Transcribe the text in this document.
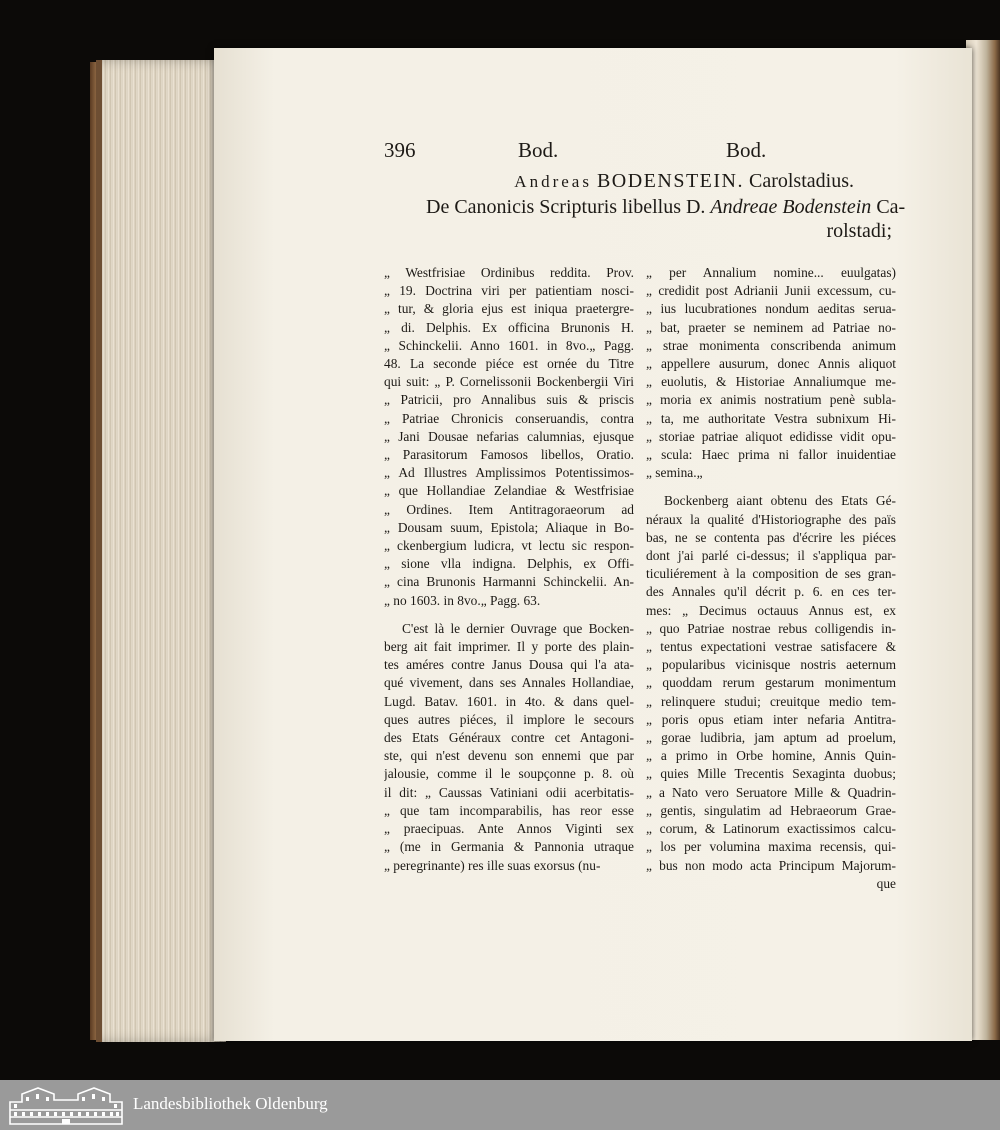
396	Bod.	Bod.
Andreas BODENSTEIN. Carolstadius.
De Canonicis Scripturis libellus D. Andreae Bodenstein Ca-
rolstadi;
„ Westfrisiae Ordinibus reddita. Prov.
„ 19. Doctrina viri per patientiam nosci-
„ tur, & gloria ejus est iniqua praetergre-
„ di. Delphis. Ex officina Brunonis H.
„ Schinckelii. Anno 1601. in 8vo.„ Pagg.
48. La seconde piéce est ornée du Titre
qui suit: „ P. Cornelissonii Bockenbergii Viri
„ Patricii, pro Annalibus suis & priscis
„ Patriae Chronicis conseruandis, contra
„ Jani Dousae nefarias calumnias, ejusque
„ Parasitorum Famosos libellos, Oratio.
„ Ad Illustres Amplissimos Potentissimos-
„ que Hollandiae Zelandiae & Westfrisiae
„ Ordines. Item Antitragoraeorum ad
„ Dousam suum, Epistola; Aliaque in Bo-
„ ckenbergium ludicra, vt lectu sic respon-
„ sione vlla indigna. Delphis, ex Offi-
„ cina Brunonis Harmanni Schinckelii. An-
„ no 1603. in 8vo.„ Pagg. 63.
C'est là le dernier Ouvrage que Bocken-
berg ait fait imprimer. Il y porte des plain-
tes améres contre Janus Dousa qui l'a ata-
qué vivement, dans ses Annales Hollandiae,
Lugd. Batav. 1601. in 4to. & dans quel-
ques autres piéces, il implore le secours
des Etats Généraux contre cet Antagoni-
ste, qui n'est devenu son ennemi que par
jalousie, comme il le soupçonne p. 8. où
il dit: „ Caussas Vatiniani odii acerbitatis-
„ que tam incomparabilis, has reor esse
„ praecipuas. Ante Annos Viginti sex
„ (me in Germania & Pannonia utraque
„ peregrinante) res ille suas exorsus (nu-
„ per Annalium nomine... euulgatas)
„ credidit post Adrianii Junii excessum, cu-
„ ius lucubrationes nondum aeditas serua-
„ bat, praeter se neminem ad Patriae no-
„ strae monimenta conscribenda animum
„ appellere ausurum, donec Annis aliquot
„ euolutis, & Historiae Annaliumque me-
„ moria ex animis nostratium penè subla-
„ ta, me authoritate Vestra subnixum Hi-
„ storiae patriae aliquot edidisse vidit opu-
„ scula: Haec prima ni fallor inuidentiae
„ semina.„
Bockenberg aiant obtenu des Etats Gé-
néraux la qualité d'Historiographe des païs
bas, ne se contenta pas d'écrire les piéces
dont j'ai parlé ci-dessus; il s'appliqua par-
ticuliérement à la composition de ses gran-
des Annales qu'il décrit p. 6. en ces ter-
mes: „ Decimus octauus Annus est, ex
„ quo Patriae nostrae rebus colligendis in-
„ tentus expectationi vestrae satisfacere &
„ popularibus vicinisque nostris aeternum
„ quoddam rerum gestarum monimentum
„ relinquere studui; creuitque medio tem-
„ poris opus etiam inter nefaria Antitra-
„ gorae ludibria, jam aptum ad proelum,
„ a primo in Orbe homine, Annis Quin-
„ quies Mille Trecentis Sexaginta duobus;
„ a Nato vero Seruatore Mille & Quadrin-
„ gentis, singulatim ad Hebraeorum Grae-
„ corum, & Latinorum exactissimos calcu-
„ los per volumina maxima recensis, qui-
„ bus non modo acta Principum Majorum-
que
Landesbibliothek Oldenburg
